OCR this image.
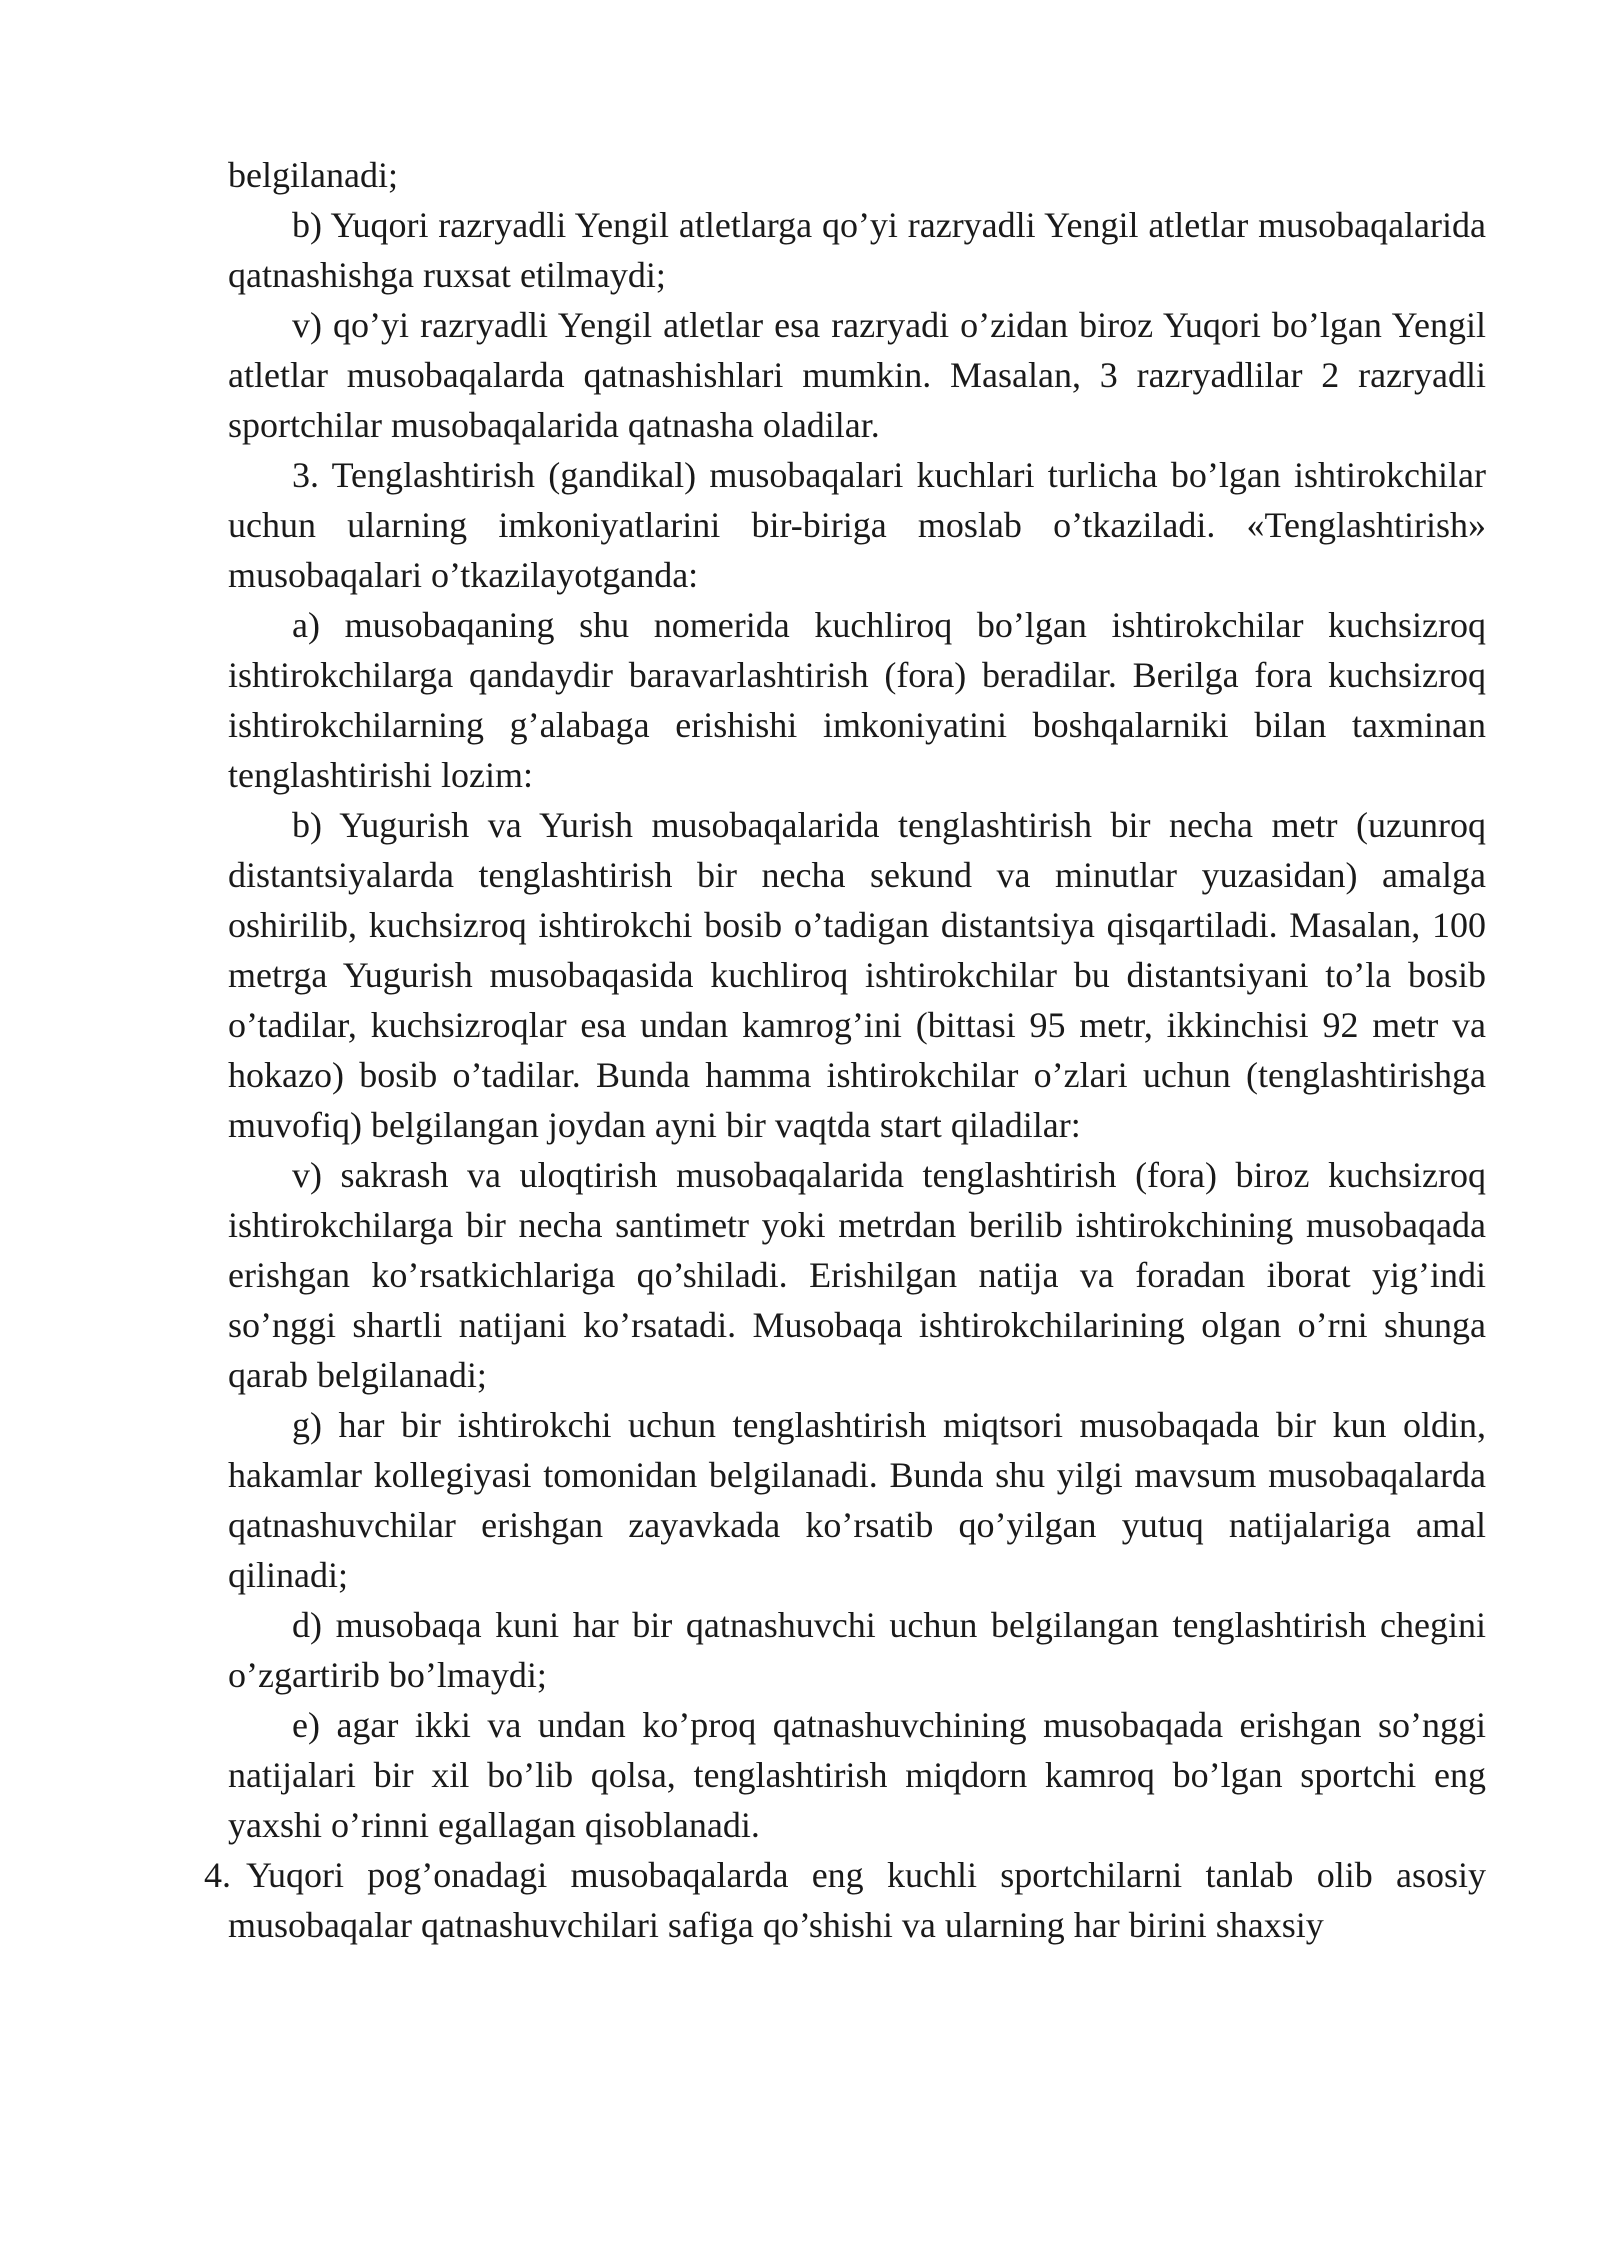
belgilanadi;

b) Yuqori razryadli Yengil atletlarga qo’yi razryadli Yengil atletlar musobaqalarida qatnashishga ruxsat etilmaydi;

v) qo’yi razryadli Yengil atletlar esa razryadi o’zidan biroz Yuqori bo’lgan Yengil atletlar musobaqalarda qatnashishlari mumkin. Masalan, 3 razryadlilar 2 razryadli sportchilar musobaqalarida qatnasha oladilar.

3. Tenglashtirish (gandikal) musobaqalari kuchlari turlicha bo’lgan ishtirokchilar uchun ularning imkoniyatlarini bir-biriga moslab o’tkaziladi. «Tenglashtirish» musobaqalari o’tkazilayotganda:

a) musobaqaning shu nomerida kuchliroq bo’lgan ishtirokchilar kuchsizroq ishtirokchilarga qandaydir baravarlashtirish (fora) beradilar. Berilga fora kuchsizroq ishtirokchilarning g’alabaga erishishi imkoniyatini boshqalarniki bilan taxminan tenglashtirishi lozim:

b) Yugurish va Yurish musobaqalarida tenglashtirish bir necha metr (uzunroq distantsiyalarda tenglashtirish bir necha sekund va minutlar yuzasidan) amalga oshirilib, kuchsizroq ishtirokchi bosib o’tadigan distantsiya qisqartiladi. Masalan, 100 metrga Yugurish musobaqasida kuchliroq ishtirokchilar bu distantsiyani to’la bosib o’tadilar, kuchsizroqlar esa undan kamrog’ini (bittasi 95 metr, ikkinchisi 92 metr va hokazo) bosib o’tadilar. Bunda hamma ishtirokchilar o’zlari uchun (tenglashtirishga muvofiq) belgilangan joydan ayni bir vaqtda start qiladilar:

v) sakrash va uloqtirish musobaqalarida tenglashtirish (fora) biroz kuchsizroq ishtirokchilarga bir necha santimetr yoki metrdan berilib ishtirokchining musobaqada erishgan ko’rsatkichlariga qo’shiladi. Erishilgan natija va foradan iborat yig’indi so’nggi shartli natijani ko’rsatadi. Musobaqa ishtirokchilarining olgan o’rni shunga qarab belgilanadi;

g) har bir ishtirokchi uchun tenglashtirish miqtsori musobaqada bir kun oldin, hakamlar kollegiyasi tomonidan belgilanadi. Bunda shu yilgi mavsum musobaqalarda qatnashuvchilar erishgan zayavkada ko’rsatib qo’yilgan yutuq natijalariga amal qilinadi;

d) musobaqa kuni har bir qatnashuvchi uchun belgilangan tenglashtirish chegini o’zgartirib bo’lmaydi;

e) agar ikki va undan ko’proq qatnashuvchining musobaqada erishgan so’nggi natijalari bir xil bo’lib qolsa, tenglashtirish miqdorn kamroq bo’lgan sportchi eng yaxshi o’rinni egallagan qisoblanadi.

4. Yuqori pog’onadagi musobaqalarda eng kuchli sportchilarni tanlab olib asosiy musobaqalar qatnashuvchilari safiga qo’shishi va ularning har birini shaxsiy
